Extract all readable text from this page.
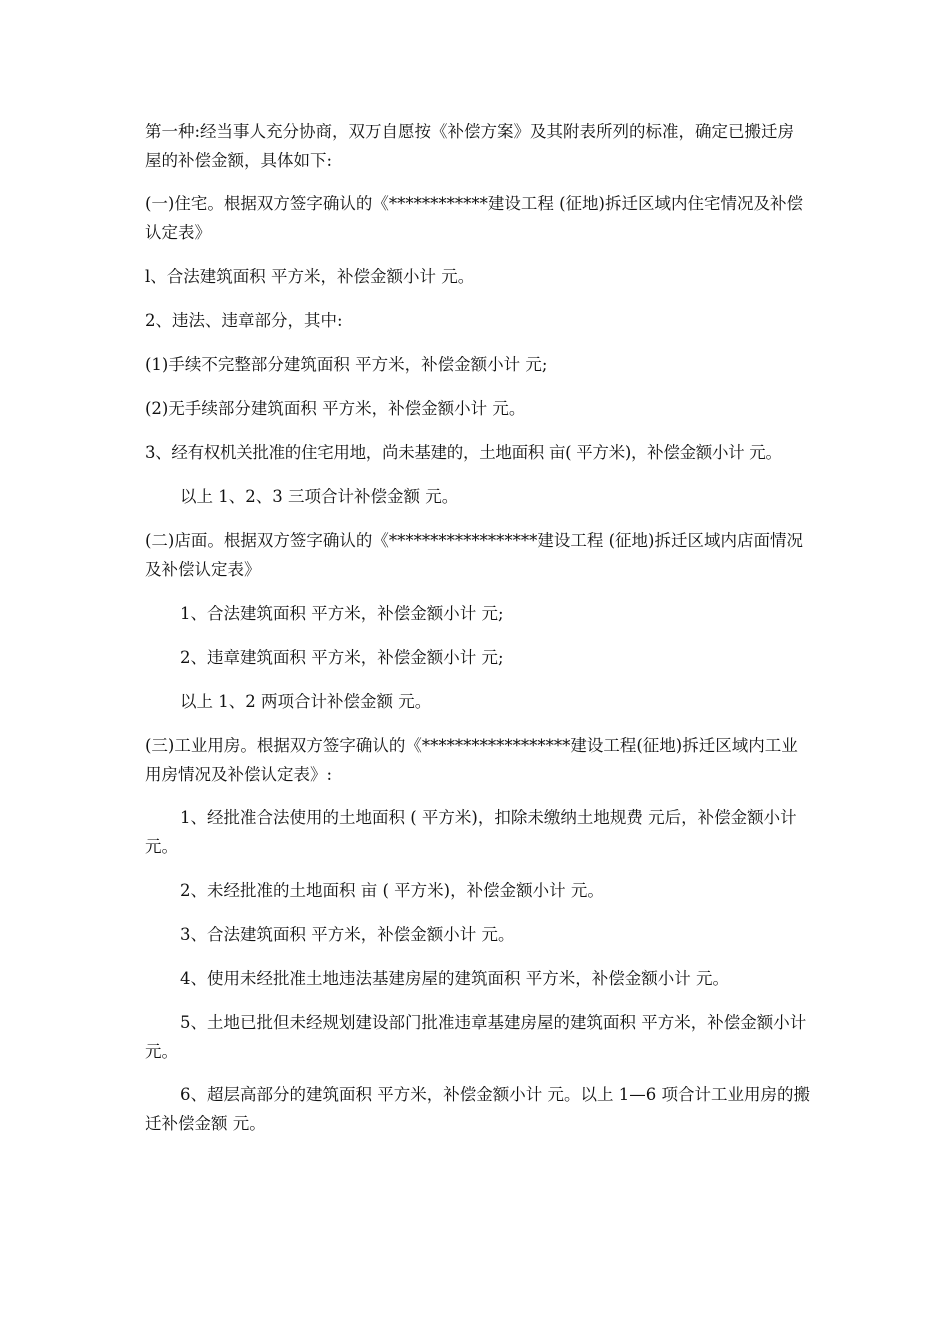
第一种:经当事人充分协商，双万自愿按《补偿方案》及其附表所列的标准，确定已搬迁房屋的补偿金额，具体如下:

(一)住宅。根据双方签字确认的《************建设工程 (征地)拆迁区域内住宅情况及补偿认定表》

l、合法建筑面积 平方米，补偿金额小计 元。

2、违法、违章部分，其中:

(1)手续不完整部分建筑面积 平方米，补偿金额小计 元;

(2)无手续部分建筑面积 平方米，补偿金额小计 元。

3、经有权机关批准的住宅用地，尚未基建的，土地面积 亩( 平方米)，补偿金额小计 元。

以上 1、2、3 三项合计补偿金额 元。

(二)店面。根据双方签字确认的《******************建设工程 (征地)拆迁区域内店面情况及补偿认定表》

1、合法建筑面积 平方米，补偿金额小计 元;

2、违章建筑面积 平方米，补偿金额小计 元;

以上 1、2 两项合计补偿金额 元。

(三)工业用房。根据双方签字确认的《******************建设工程(征地)拆迁区域内工业用房情况及补偿认定表》:

1、经批准合法使用的土地面积 ( 平方米)，扣除未缴纳土地规费 元后，补偿金额小计 元。

2、未经批准的土地面积 亩 ( 平方米)，补偿金额小计 元。

3、合法建筑面积 平方米，补偿金额小计 元。

4、使用未经批准土地违法基建房屋的建筑面积 平方米，补偿金额小计 元。

5、土地已批但未经规划建设部门批准违章基建房屋的建筑面积 平方米，补偿金额小计 元。

6、超层高部分的建筑面积 平方米，补偿金额小计 元。以上 1—6 项合计工业用房的搬迁补偿金额 元。
